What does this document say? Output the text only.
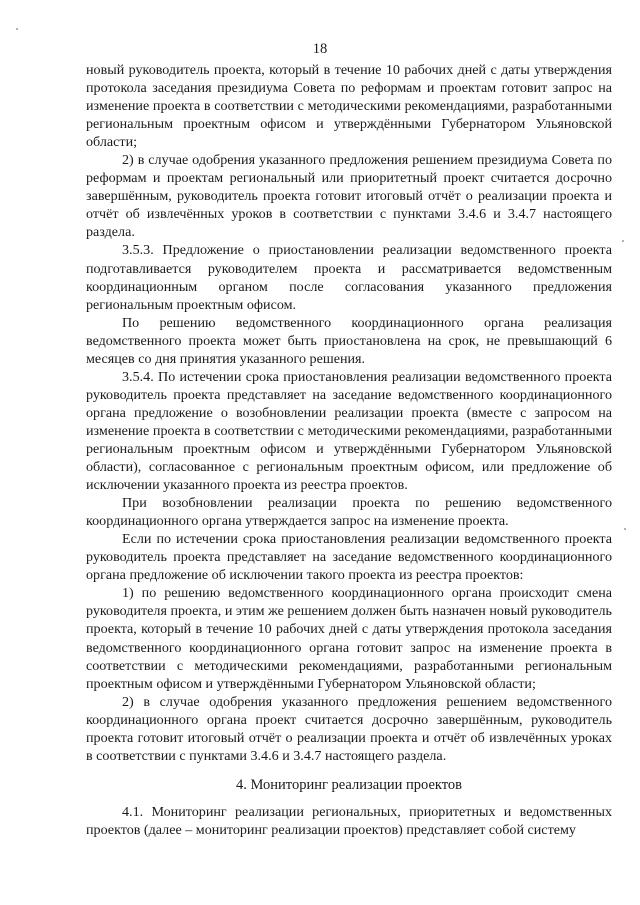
18

новый руководитель проекта, который в течение 10 рабочих дней с даты утверждения протокола заседания президиума Совета по реформам и проектам готовит запрос на изменение проекта в соответствии с методическими рекомендациями, разработанными региональным проектным офисом и утверждёнными Губернатором Ульяновской области;

2) в случае одобрения указанного предложения решением президиума Совета по реформам и проектам региональный или приоритетный проект считается досрочно завершённым, руководитель проекта готовит итоговый отчёт о реализации проекта и отчёт об извлечённых уроков в соответствии с пунктами 3.4.6 и 3.4.7 настоящего раздела.

3.5.3. Предложение о приостановлении реализации ведомственного проекта подготавливается руководителем проекта и рассматривается ведомственным координационным органом после согласования указанного предложения региональным проектным офисом.

По решению ведомственного координационного органа реализация ведомственного проекта может быть приостановлена на срок, не превышающий 6 месяцев со дня принятия указанного решения.

3.5.4. По истечении срока приостановления реализации ведомственного проекта руководитель проекта представляет на заседание ведомственного координационного органа предложение о возобновлении реализации проекта (вместе с запросом на изменение проекта в соответствии с методическими рекомендациями, разработанными региональным проектным офисом и утверждёнными Губернатором Ульяновской области), согласованное с региональным проектным офисом, или предложение об исключении указанного проекта из реестра проектов.

При возобновлении реализации проекта по решению ведомственного координационного органа утверждается запрос на изменение проекта.

Если по истечении срока приостановления реализации ведомственного проекта руководитель проекта представляет на заседание ведомственного координационного органа предложение об исключении такого проекта из реестра проектов:

1) по решению ведомственного координационного органа происходит смена руководителя проекта, и этим же решением должен быть назначен новый руководитель проекта, который в течение 10 рабочих дней с даты утверждения протокола заседания ведомственного координационного органа готовит запрос на изменение проекта в соответствии с методическими рекомендациями, разработанными региональным проектным офисом и утверждёнными Губернатором Ульяновской области;

2) в случае одобрения указанного предложения решением ведомственного координационного органа проект считается досрочно завершённым, руководитель проекта готовит итоговый отчёт о реализации проекта и отчёт об извлечённых уроках в соответствии с пунктами 3.4.6 и 3.4.7 настоящего раздела.

4. Мониторинг реализации проектов

4.1. Мониторинг реализации региональных, приоритетных и ведомственных проектов (далее – мониторинг реализации проектов) представляет собой систему
